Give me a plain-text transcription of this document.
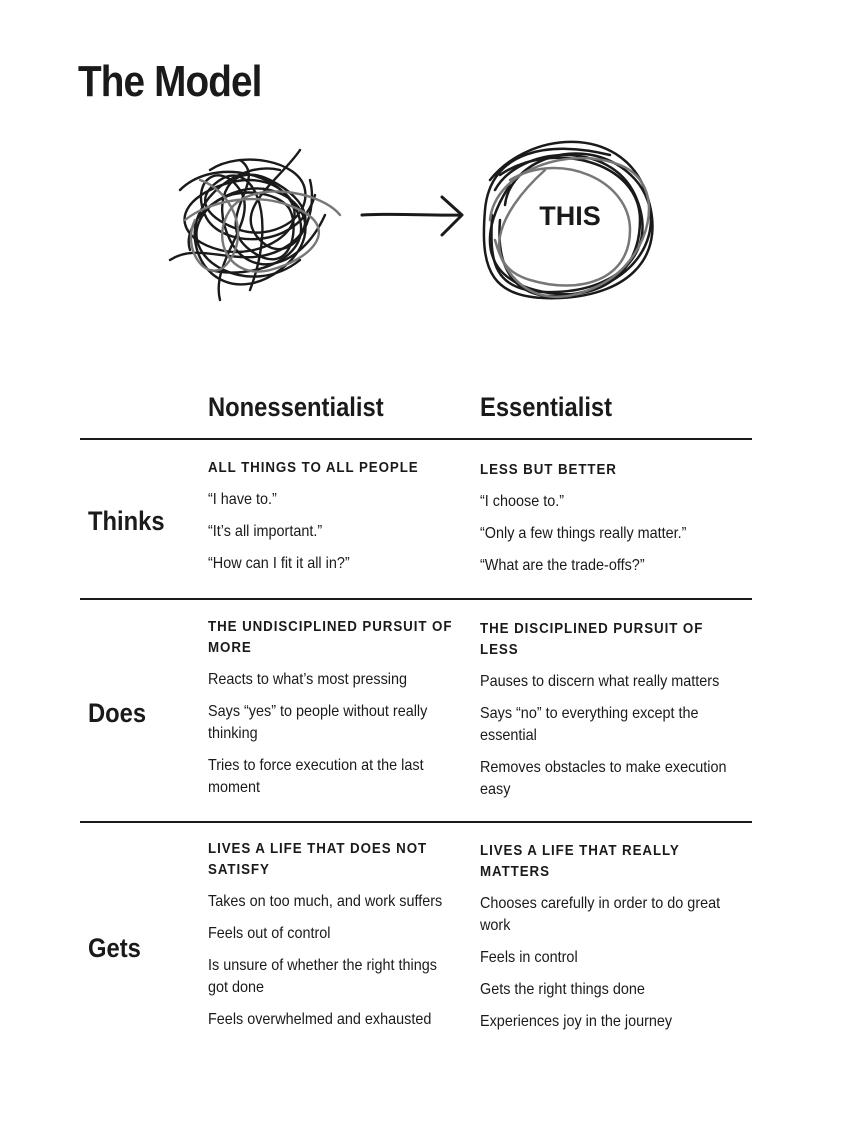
The Model
THIS
Nonessentialist	Essentialist
Thinks
ALL THINGS TO ALL PEOPLE
“I have to.”
“It’s all important.”
“How can I fit it all in?”
LESS BUT BETTER
“I choose to.”
“Only a few things really matter.”
“What are the trade-offs?”
Does
THE UNDISCIPLINED PURSUIT OF MORE
Reacts to what’s most pressing
Says “yes” to people without really thinking
Tries to force execution at the last moment
THE DISCIPLINED PURSUIT OF LESS
Pauses to discern what really matters
Says “no” to everything except the essential
Removes obstacles to make execution easy
Gets
LIVES A LIFE THAT DOES NOT SATISFY
Takes on too much, and work suffers
Feels out of control
Is unsure of whether the right things got done
Feels overwhelmed and exhausted
LIVES A LIFE THAT REALLY MATTERS
Chooses carefully in order to do great work
Feels in control
Gets the right things done
Experiences joy in the journey
